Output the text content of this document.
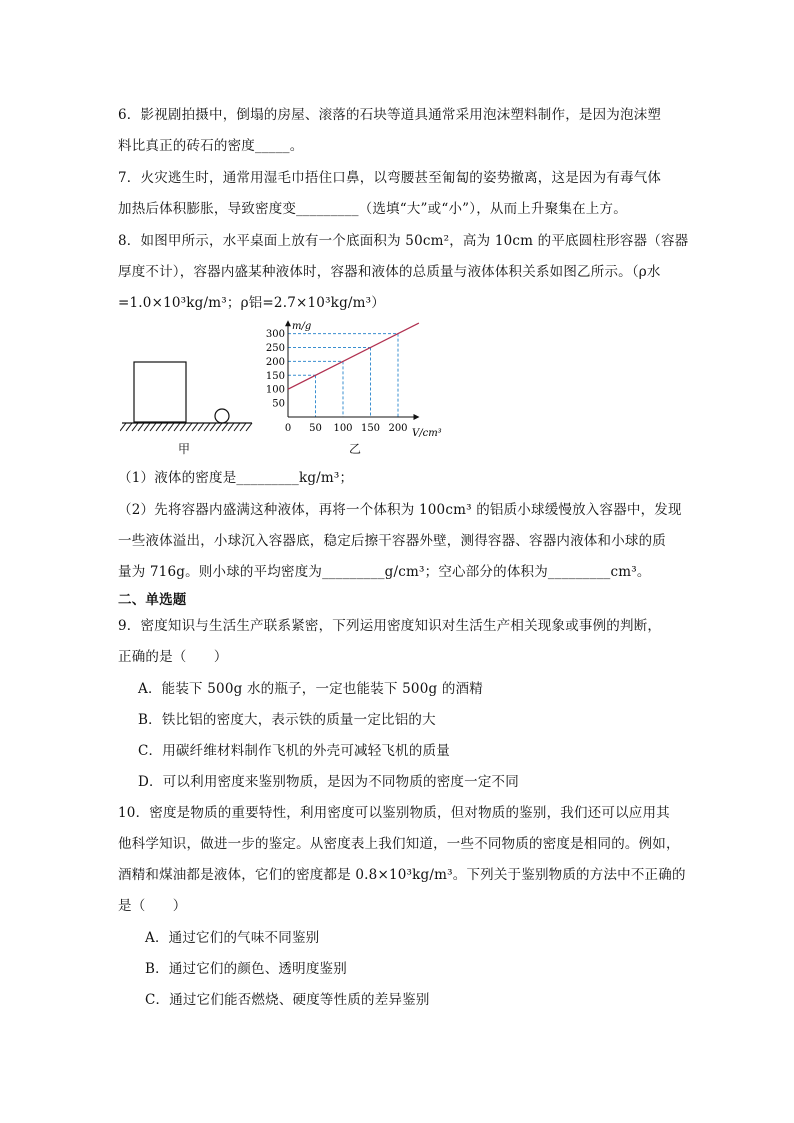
6．影视剧拍摄中，倒塌的房屋、滚落的石块等道具通常采用泡沫塑料制作，是因为泡沫塑
料比真正的砖石的密度_____。
7．火灾逃生时，通常用湿毛巾捂住口鼻，以弯腰甚至匍匐的姿势撤离，这是因为有毒气体
加热后体积膨胀，导致密度变_________（选填“大”或“小”），从而上升聚集在上方。
8．如图甲所示，水平桌面上放有一个底面积为 50cm²，高为 10cm 的平底圆柱形容器（容器
厚度不计），容器内盛某种液体时，容器和液体的总质量与液体体积关系如图乙所示。（ρ水
=1.0×10³kg/m³；ρ铝=2.7×10³kg/m³）
甲
0 50 100 150 200
50
100
150
200
250
300
m/g
V/cm³
乙
（1）液体的密度是_________kg/m³；
（2）先将容器内盛满这种液体，再将一个体积为 100cm³ 的铝质小球缓慢放入容器中，发现
一些液体溢出，小球沉入容器底，稳定后擦干容器外壁，测得容器、容器内液体和小球的质
量为 716g。则小球的平均密度为_________g/cm³；空心部分的体积为_________cm³。
二、单选题
9．密度知识与生活生产联系紧密，下列运用密度知识对生活生产相关现象或事例的判断，
正确的是（　　）
A．能装下 500g 水的瓶子，一定也能装下 500g 的酒精
B．铁比铝的密度大，表示铁的质量一定比铝的大
C．用碳纤维材料制作飞机的外壳可减轻飞机的质量
D．可以利用密度来鉴别物质，是因为不同物质的密度一定不同
10．密度是物质的重要特性，利用密度可以鉴别物质，但对物质的鉴别，我们还可以应用其
他科学知识，做进一步的鉴定。从密度表上我们知道，一些不同物质的密度是相同的。例如，
酒精和煤油都是液体，它们的密度都是 0.8×10³kg/m³。下列关于鉴别物质的方法中不正确的
是（　　）
A．通过它们的气味不同鉴别
B．通过它们的颜色、透明度鉴别
C．通过它们能否燃烧、硬度等性质的差异鉴别
